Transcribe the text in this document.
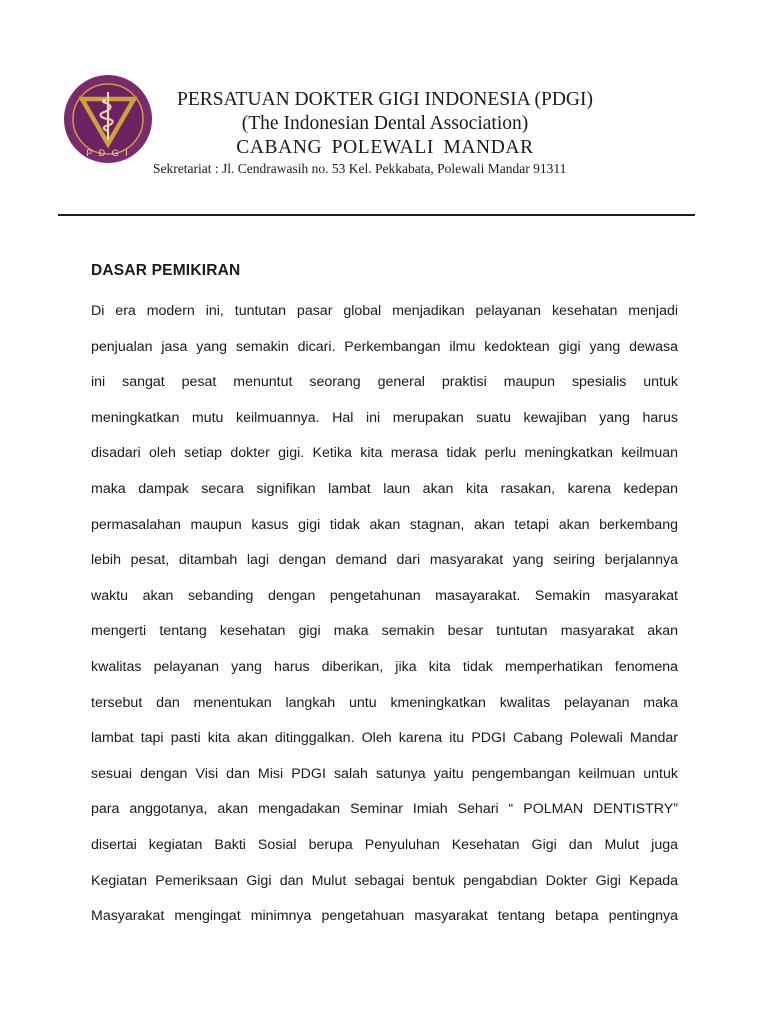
P D G I
PERSATUAN DOKTER GIGI INDONESIA (PDGI)
(The Indonesian Dental Association)
CABANG POLEWALI MANDAR
Sekretariat : Jl. Cendrawasih no. 53 Kel. Pekkabata, Polewali Mandar 91311
DASAR PEMIKIRAN
Di era modern ini, tuntutan pasar global menjadikan pelayanan kesehatan menjadi
penjualan jasa yang semakin dicari. Perkembangan ilmu kedoktean gigi yang dewasa
ini sangat pesat menuntut seorang general praktisi maupun spesialis untuk
meningkatkan mutu keilmuannya. Hal ini merupakan suatu kewajiban yang harus
disadari oleh setiap dokter gigi. Ketika kita merasa tidak perlu meningkatkan keilmuan
maka dampak secara signifikan lambat laun akan kita rasakan, karena kedepan
permasalahan maupun kasus gigi tidak akan stagnan, akan tetapi akan berkembang
lebih pesat, ditambah lagi dengan demand dari masyarakat yang seiring berjalannya
waktu akan sebanding dengan pengetahunan masayarakat. Semakin masyarakat
mengerti tentang kesehatan gigi maka semakin besar tuntutan masyarakat akan
kwalitas pelayanan yang harus diberikan, jika kita tidak memperhatikan fenomena
tersebut dan menentukan langkah untu kmeningkatkan kwalitas pelayanan maka
lambat tapi pasti kita akan ditinggalkan. Oleh karena itu PDGI Cabang Polewali Mandar
sesuai dengan Visi dan Misi PDGI salah satunya yaitu pengembangan keilmuan untuk
para anggotanya, akan mengadakan Seminar Imiah Sehari “ POLMAN DENTISTRY”
disertai kegiatan Bakti Sosial berupa Penyuluhan Kesehatan Gigi dan Mulut juga
Kegiatan Pemeriksaan Gigi dan Mulut sebagai bentuk pengabdian Dokter Gigi Kepada
Masyarakat mengingat minimnya pengetahuan masyarakat tentang betapa pentingnya
